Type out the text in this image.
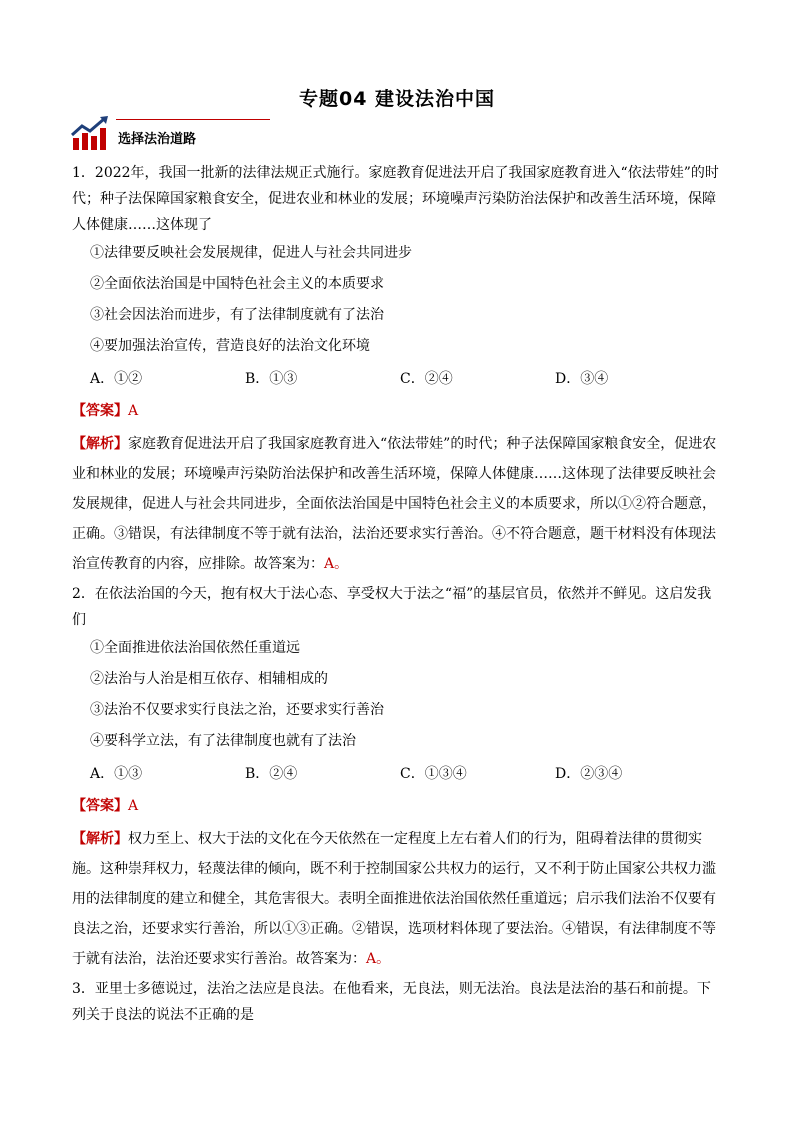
专题04 建设法治中国
选择法治道路

1．2022年，我国一批新的法律法规正式施行。家庭教育促进法开启了我国家庭教育进入“依法带娃”的时代；种子法保障国家粮食安全，促进农业和林业的发展；环境噪声污染防治法保护和改善生活环境，保障人体健康……这体现了

①法律要反映社会发展规律，促进人与社会共同进步

②全面依法治国是中国特色社会主义的本质要求

③社会因法治而进步，有了法律制度就有了法治

④要加强法治宣传，营造良好的法治文化环境

A．①②	B．①③	C．②④	D．③④

【答案】A

【解析】家庭教育促进法开启了我国家庭教育进入“依法带娃”的时代；种子法保障国家粮食安全，促进农业和林业的发展；环境噪声污染防治法保护和改善生活环境，保障人体健康……这体现了法律要反映社会发展规律，促进人与社会共同进步，全面依法治国是中国特色社会主义的本质要求，所以①②符合题意，正确。③错误，有法律制度不等于就有法治，法治还要求实行善治。④不符合题意，题干材料没有体现法治宣传教育的内容，应排除。故答案为：A。

2．在依法治国的今天，抱有权大于法心态、享受权大于法之“福”的基层官员，依然并不鲜见。这启发我们

①全面推进依法治国依然任重道远

②法治与人治是相互依存、相辅相成的

③法治不仅要求实行良法之治，还要求实行善治

④要科学立法，有了法律制度也就有了法治

A．①③	B．②④	C．①③④	D．②③④

【答案】A

【解析】权力至上、权大于法的文化在今天依然在一定程度上左右着人们的行为，阻碍着法律的贯彻实施。这种崇拜权力，轻蔑法律的倾向，既不利于控制国家公共权力的运行，又不利于防止国家公共权力滥用的法律制度的建立和健全，其危害很大。表明全面推进依法治国依然任重道远；启示我们法治不仅要有良法之治，还要求实行善治，所以①③正确。②错误，选项材料体现了要法治。④错误，有法律制度不等于就有法治，法治还要求实行善治。故答案为：A。

3．亚里士多德说过，法治之法应是良法。在他看来，无良法，则无法治。良法是法治的基石和前提。下列关于良法的说法不正确的是
